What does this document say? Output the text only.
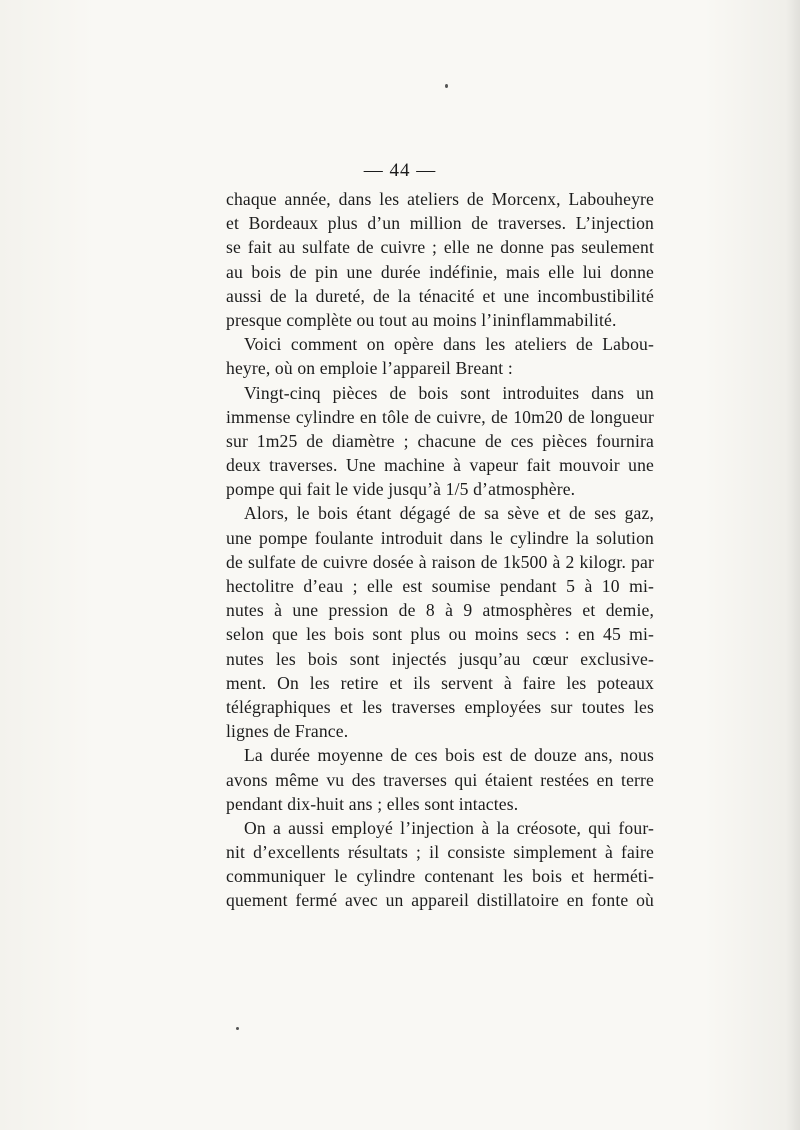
— 44 —
chaque année, dans les ateliers de Morcenx, Labouheyre
et Bordeaux plus d’un million de traverses. L’injection
se fait au sulfate de cuivre ; elle ne donne pas seulement
au bois de pin une durée indéfinie, mais elle lui donne
aussi de la dureté, de la ténacité et une incombustibilité
presque complète ou tout au moins l’ininflammabilité.
Voici comment on opère dans les ateliers de Labou-
heyre, où on emploie l’appareil Breant :
Vingt-cinq pièces de bois sont introduites dans un
immense cylindre en tôle de cuivre, de 10m20 de longueur
sur 1m25 de diamètre ; chacune de ces pièces fournira
deux traverses. Une machine à vapeur fait mouvoir une
pompe qui fait le vide jusqu’à 1/5 d’atmosphère.
Alors, le bois étant dégagé de sa sève et de ses gaz,
une pompe foulante introduit dans le cylindre la solution
de sulfate de cuivre dosée à raison de 1k500 à 2 kilogr. par
hectolitre d’eau ; elle est soumise pendant 5 à 10 mi-
nutes à une pression de 8 à 9 atmosphères et demie,
selon que les bois sont plus ou moins secs : en 45 mi-
nutes les bois sont injectés jusqu’au cœur exclusive-
ment. On les retire et ils servent à faire les poteaux
télégraphiques et les traverses employées sur toutes les
lignes de France.
La durée moyenne de ces bois est de douze ans, nous
avons même vu des traverses qui étaient restées en terre
pendant dix-huit ans ; elles sont intactes.
On a aussi employé l’injection à la créosote, qui four-
nit d’excellents résultats ; il consiste simplement à faire
communiquer le cylindre contenant les bois et herméti-
quement fermé avec un appareil distillatoire en fonte où
